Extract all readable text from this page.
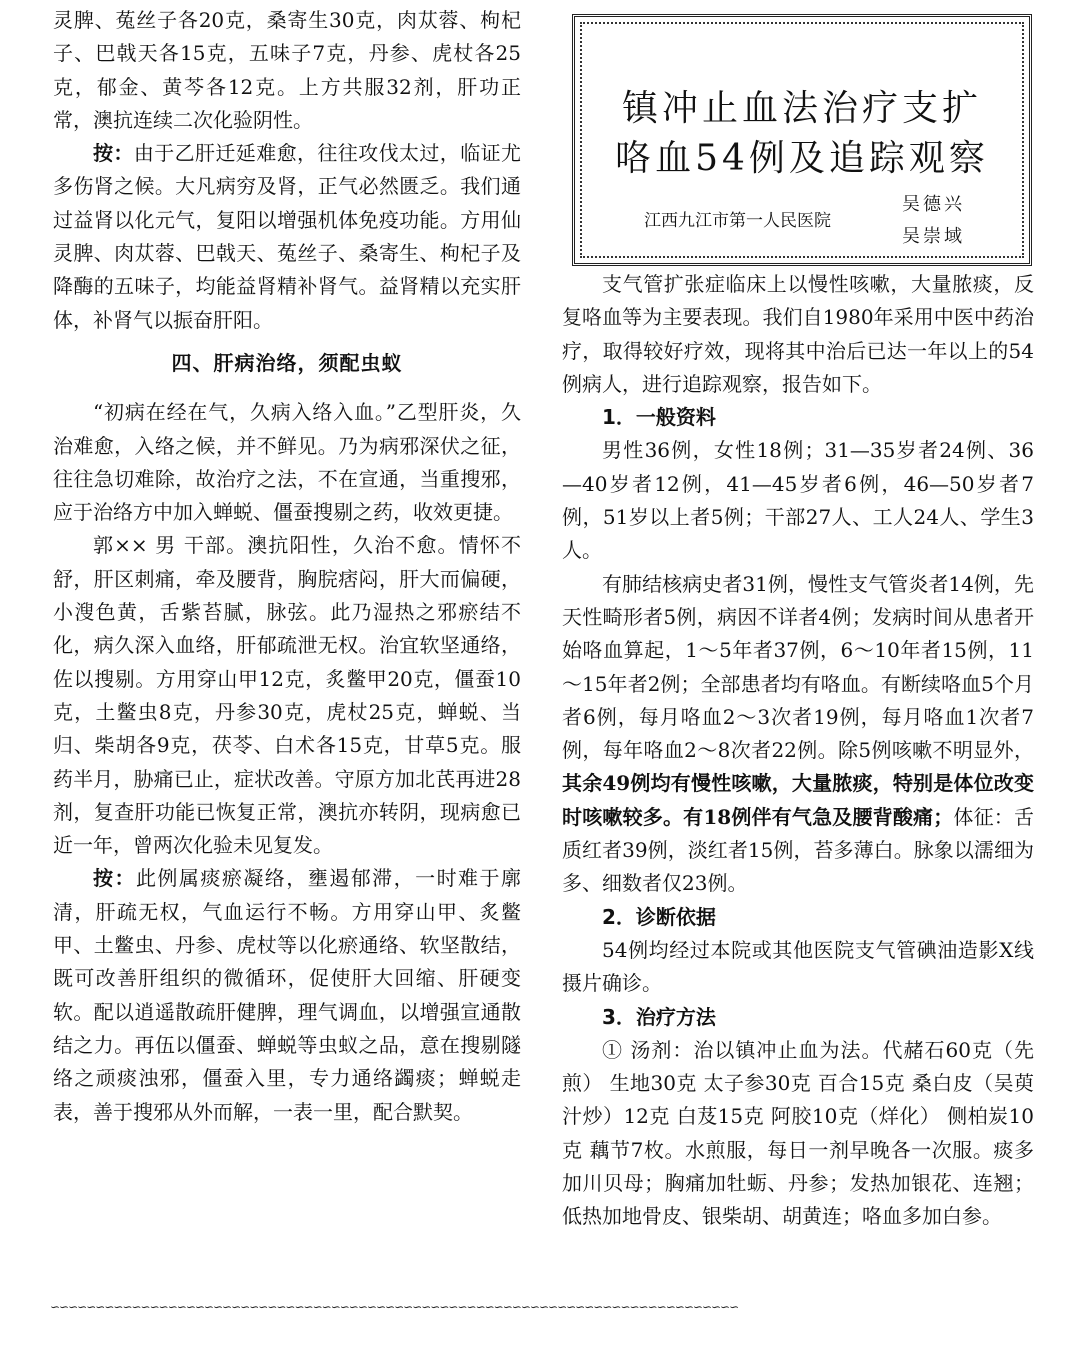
灵脾、菟丝子各20克，桑寄生30克，肉苁蓉、枸杞子、巴戟天各15克，五味子7克，丹参、虎杖各25克，郁金、黄芩各12克。上方共服32剂，肝功正常，澳抗连续二次化验阴性。

按：由于乙肝迁延难愈，往往攻伐太过，临证尤多伤肾之候。大凡病穷及肾，正气必然匮乏。我们通过益肾以化元气，复阳以增强机体免疫功能。方用仙灵脾、肉苁蓉、巴戟天、菟丝子、桑寄生、枸杞子及降酶的五味子，均能益肾精补肾气。益肾精以充实肝体，补肾气以振奋肝阳。

四、肝病治络，须配虫蚁

“初病在经在气，久病入络入血。”乙型肝炎，久治难愈，入络之候，并不鲜见。乃为病邪深伏之征，往往急切难除，故治疗之法，不在宣通，当重搜邪，应于治络方中加入蝉蜕、僵蚕搜剔之药，收效更捷。

郭×× 男 干部。澳抗阳性，久治不愈。情怀不舒，肝区刺痛，牵及腰背，胸脘痞闷，肝大而偏硬，小溲色黄，舌紫苔腻，脉弦。此乃湿热之邪瘀结不化，病久深入血络，肝郁疏泄无权。治宜软坚通络，佐以搜剔。方用穿山甲12克，炙鳖甲20克，僵蚕10克，土鳖虫8克，丹参30克，虎杖25克，蝉蜕、当归、柴胡各9克，茯苓、白术各15克，甘草5克。服药半月，胁痛已止，症状改善。守原方加北芪再进28剂，复查肝功能已恢复正常，澳抗亦转阴，现病愈已近一年，曾两次化验未见复发。

按：此例属痰瘀凝络，壅遏郁滞，一时难于廓清，肝疏无权，气血运行不畅。方用穿山甲、炙鳖甲、土鳖虫、丹参、虎杖等以化瘀通络、软坚散结，既可改善肝组织的微循环，促使肝大回缩、肝硬变软。配以逍遥散疏肝健脾，理气调血，以增强宣通散结之力。再伍以僵蚕、蝉蜕等虫蚁之品，意在搜剔隧络之顽痰浊邪，僵蚕入里，专力通络蠲痰；蝉蜕走表，善于搜邪从外而解，一表一里，配合默契。

∽∽∽∽∽∽∽∽∽∽∽∽∽∽∽∽∽∽∽∽∽∽∽∽∽∽∽∽∽∽∽∽∽∽∽∽∽∽∽∽∽∽∽∽∽∽∽∽∽∽∽∽∽∽∽∽∽∽∽∽∽∽∽∽∽∽∽∽∽∽∽∽∽∽∽∽
镇冲止血法治疗支扩
咯血54例及追踪观察
江西九江市第一人民医院
吴德兴
吴崇域

支气管扩张症临床上以慢性咳嗽，大量脓痰，反复咯血等为主要表现。我们自1980年采用中医中药治疗，取得较好疗效，现将其中治后已达一年以上的54例病人，进行追踪观察，报告如下。

1．一般资料

男性36例，女性18例；31—35岁者24例、36—40岁者12例，41—45岁者6例，46—50岁者7例，51岁以上者5例；干部27人、工人24人、学生3人。

有肺结核病史者31例，慢性支气管炎者14例，先天性畸形者5例，病因不详者4例；发病时间从患者开始咯血算起，1～5年者37例，6～10年者15例，11～15年者2例；全部患者均有咯血。有断续咯血5个月者6例，每月咯血2～3次者19例，每月咯血1次者7例，每年咯血2～8次者22例。除5例咳嗽不明显外，其余49例均有慢性咳嗽，大量脓痰，特别是体位改变时咳嗽较多。有18例伴有气急及腰背酸痛；体征：舌质红者39例，淡红者15例，苔多薄白。脉象以濡细为多、细数者仅23例。

2．诊断依据

54例均经过本院或其他医院支气管碘油造影X线摄片确诊。

3．治疗方法

① 汤剂：治以镇冲止血为法。代赭石60克（先煎） 生地30克 太子参30克 百合15克 桑白皮（吴萸汁炒）12克 白芨15克 阿胶10克（烊化） 侧柏炭10克 藕节7枚。水煎服，每日一剂早晚各一次服。痰多加川贝母；胸痛加牡蛎、丹参；发热加银花、连翘；低热加地骨皮、银柴胡、胡黄连；咯血多加白参。
